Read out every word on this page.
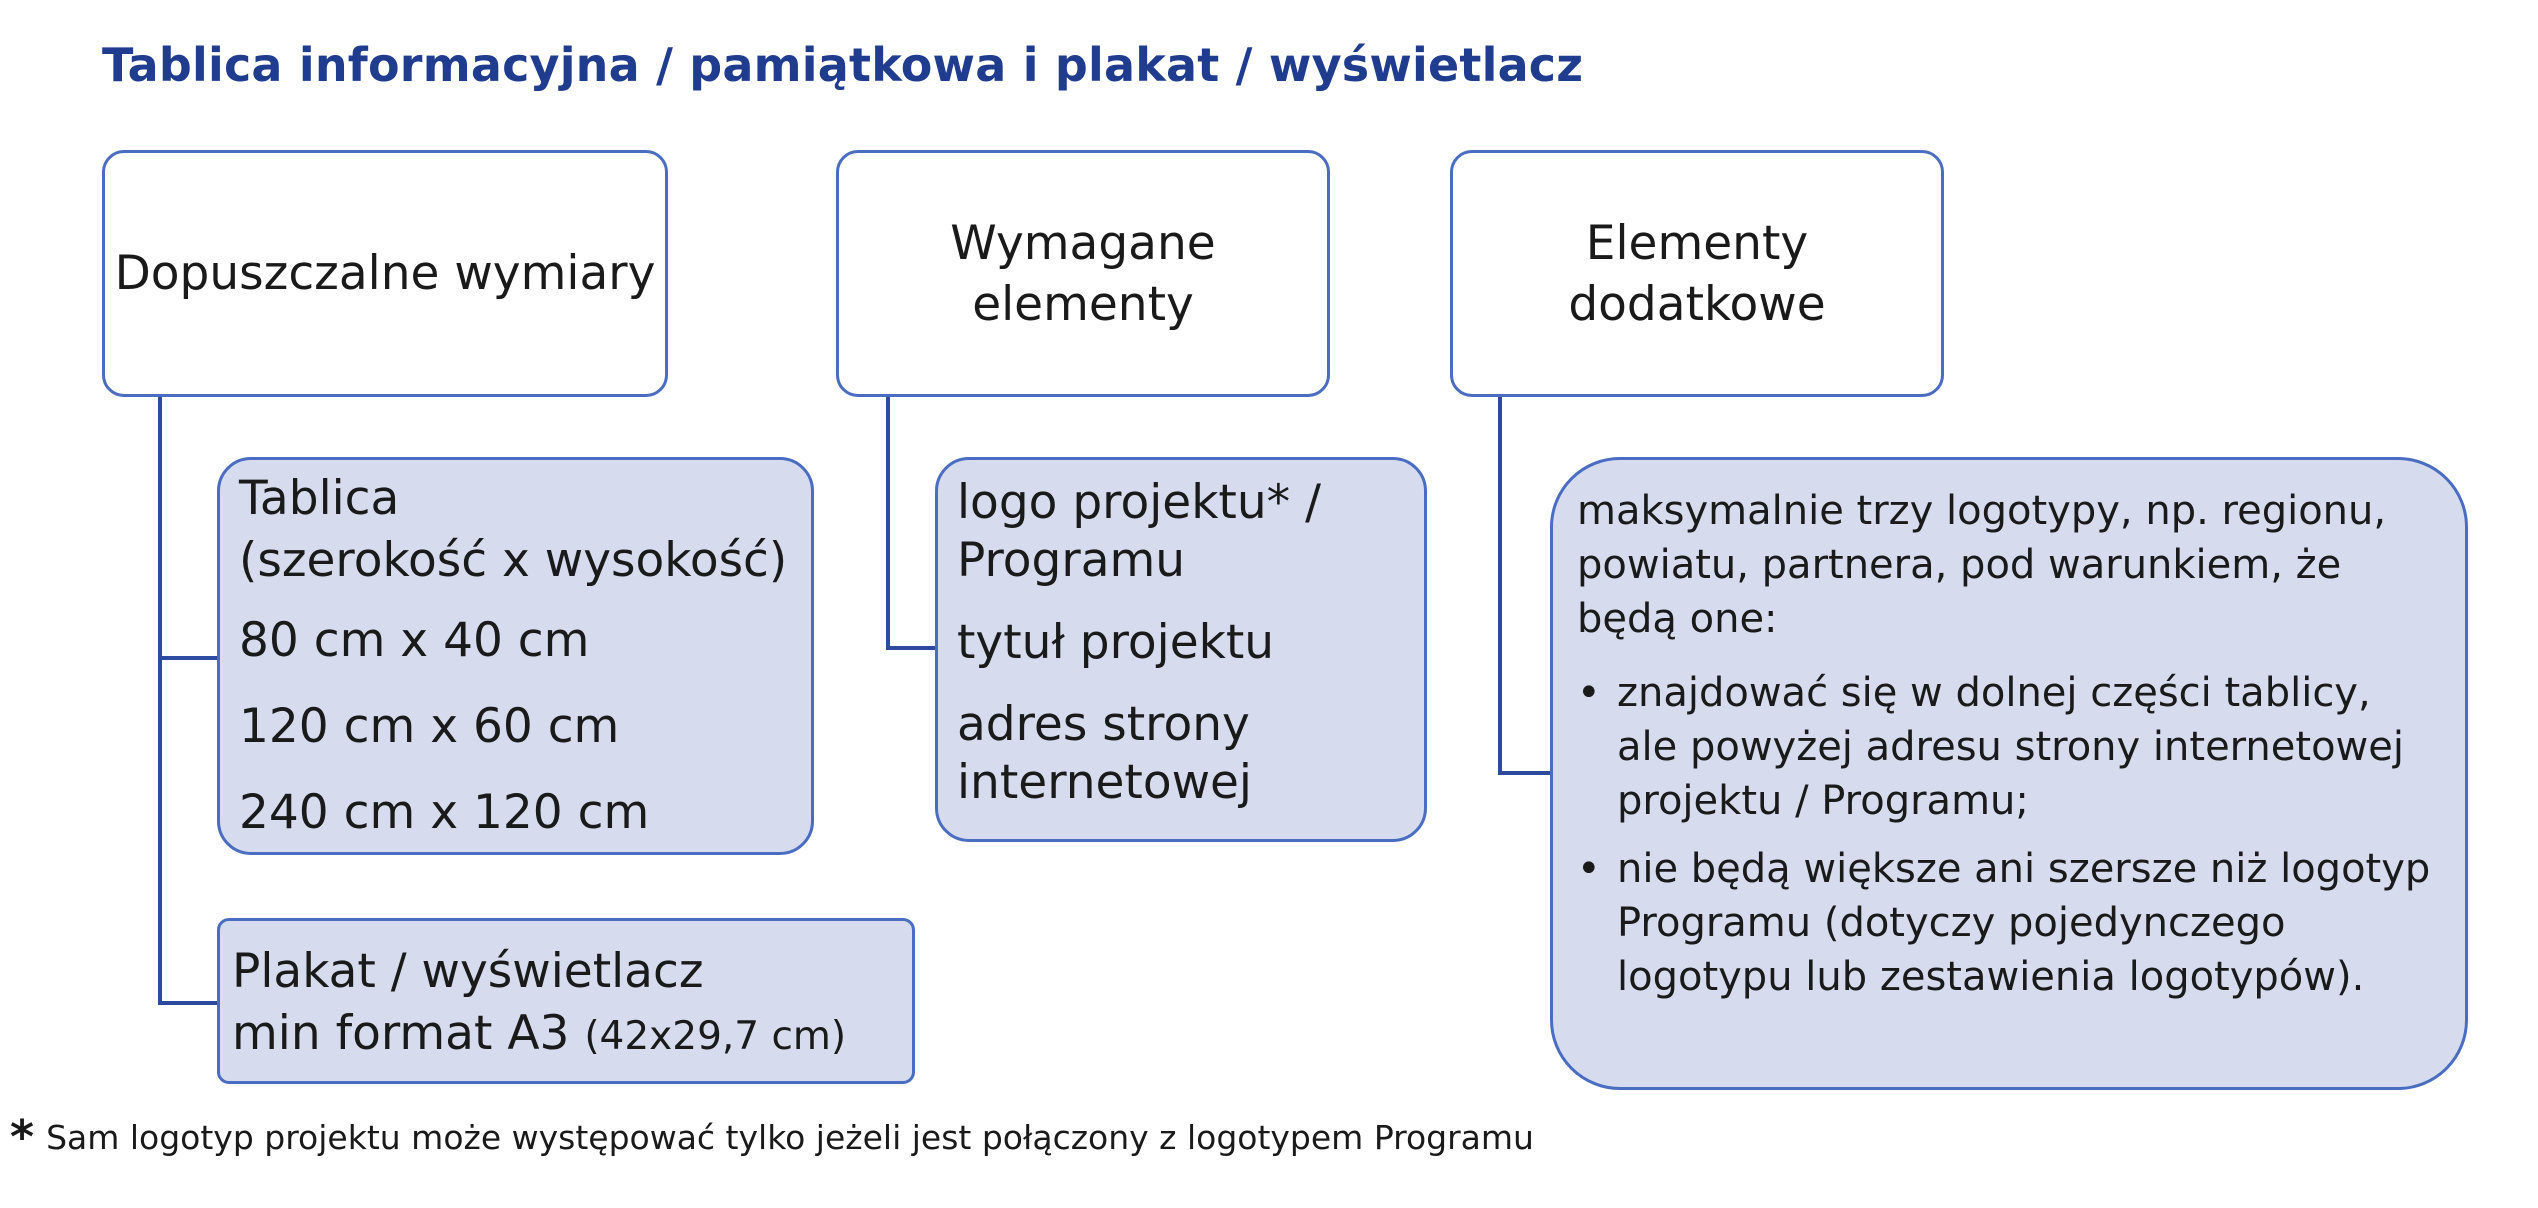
Tablica informacyjna / pamiątkowa i plakat / wyświetlacz
Dopuszczalne wymiary
Wymagane elementy
Elementy dodatkowe

Tablica

(szerokość x wysokość)

80 cm x 40 cm

120 cm x 60 cm

240 cm x 120 cm

Plakat / wyświetlacz

min format A3 (42x29,7 cm)

logo projektu* / Programu

tytuł projektu

adres strony internetowej

maksymalnie trzy logotypy, np. regionu, powiatu, partnera, pod warunkiem, że będą one:

• znajdować się w dolnej części tablicy, ale powyżej adresu strony internetowej projektu / Programu;
• nie będą większe ani szersze niż logotyp Programu (dotyczy pojedynczego logotypu lub zestawienia logotypów).
* Sam logotyp projektu może występować tylko jeżeli jest połączony z logotypem Programu
